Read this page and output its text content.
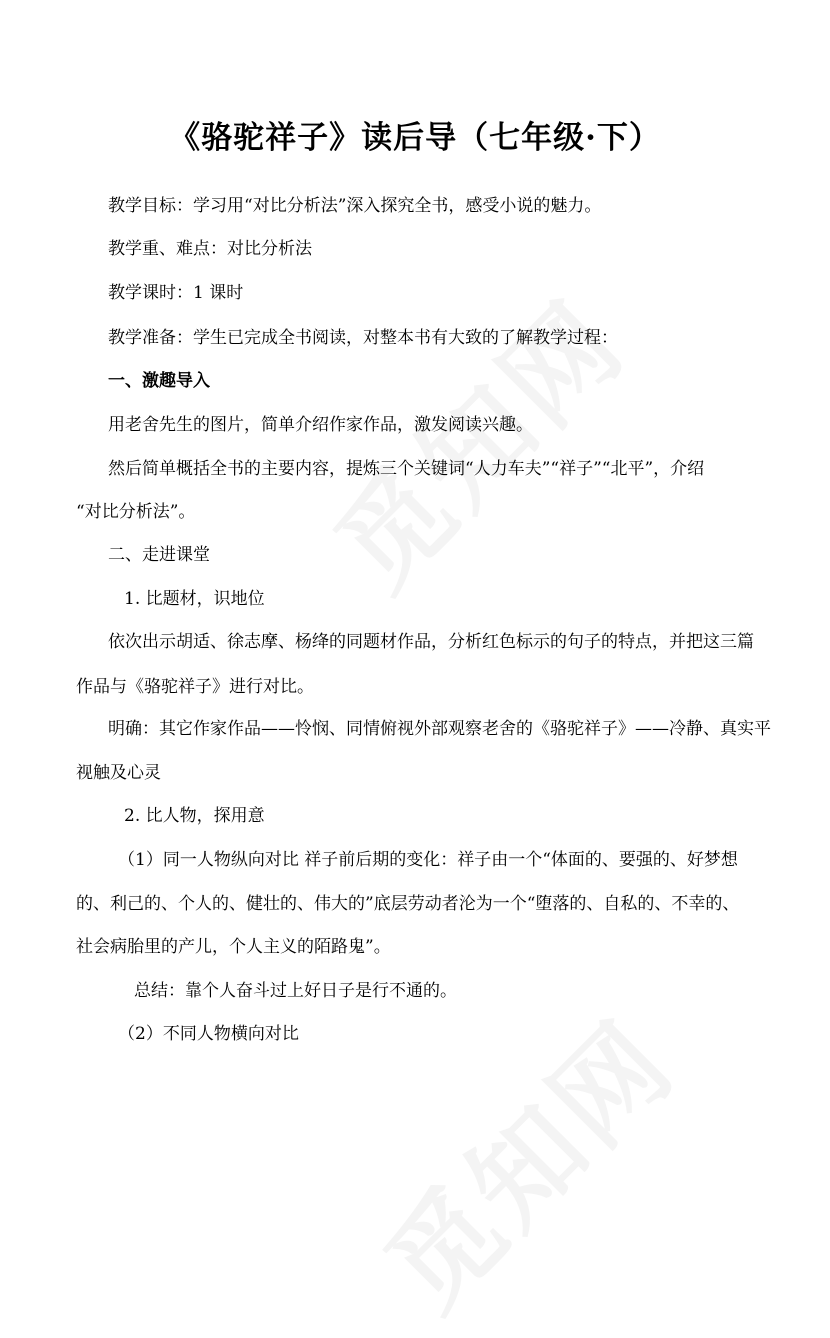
《骆驼祥子》读后导（七年级·下）
教学目标：学习用“对比分析法”深入探究全书，感受小说的魅力。
教学重、难点：对比分析法
教学课时：1 课时
教学准备：学生已完成全书阅读，对整本书有大致的了解教学过程：
一、激趣导入
用老舍先生的图片，简单介绍作家作品，激发阅读兴趣。
然后简单概括全书的主要内容，提炼三个关键词“人力车夫”“祥子”“北平”，介绍
“对比分析法”。
二、走进课堂
1. 比题材，识地位
依次出示胡适、徐志摩、杨绛的同题材作品，分析红色标示的句子的特点，并把这三篇
作品与《骆驼祥子》进行对比。
明确：其它作家作品——怜悯、同情俯视外部观察老舍的《骆驼祥子》——冷静、真实平
视触及心灵
2. 比人物，探用意
（1）同一人物纵向对比 祥子前后期的变化：祥子由一个“体面的、要强的、好梦想
的、利己的、个人的、健壮的、伟大的”底层劳动者沦为一个“堕落的、自私的、不幸的、
社会病胎里的产儿，个人主义的陌路鬼”。
总结：靠个人奋斗过上好日子是行不通的。
（2）不同人物横向对比
